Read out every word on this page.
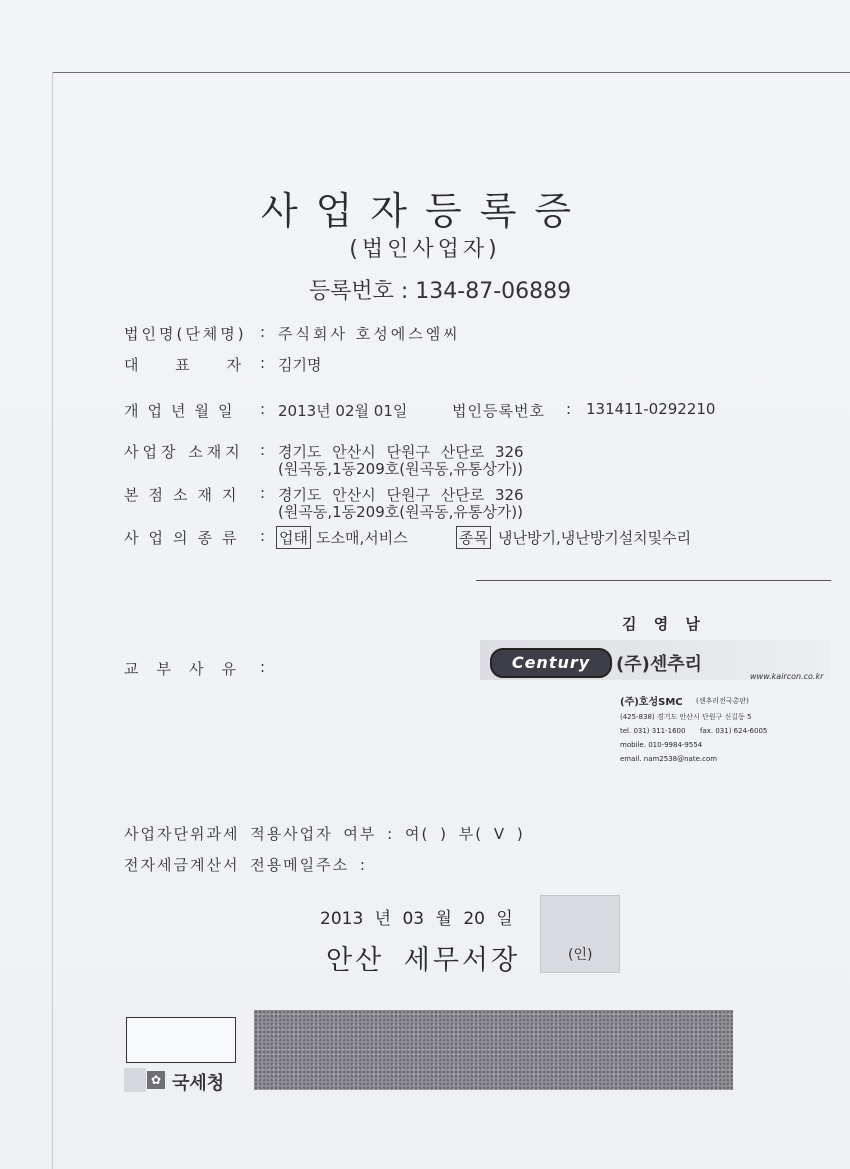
사업자등록증
(법인사업자)
등록번호 : 134-87-06889
법인명(단체명) : 주식회사 호성에스엠씨
대 표 자 : 김기명
개업년월일 : 2013년 02월 01일	법인등록번호 : 131411-0292210
사업장 소재지 : 경기도 안산시 단원구 산단로 326
(원곡동,1동209호(원곡동,유통상가))
본점소재지 : 경기도 안산시 단원구 산단로 326
(원곡동,1동209호(원곡동,유통상가))
사업의종류 : 업태 도소매,서비스	종목 냉난방기,냉난방기설치및수리
교부사유 :
김 영 남
Century	(주)센추리
www.kaircon.co.kr
(주)호성SMC (센추리전국총판)
(425-838) 경기도 안산시 단원구 신길동 5
tel. 031) 311-1600 fax. 031) 624-6005
mobile. 010-9984-9554
email. nam2538@nate.com
사업자단위과세 적용사업자 여부 : 여( ) 부( V )
전자세금계산서 전용메일주소 :
2013 년 03 월 20 일
(인)
안산 세무서장
✿ 국세청
